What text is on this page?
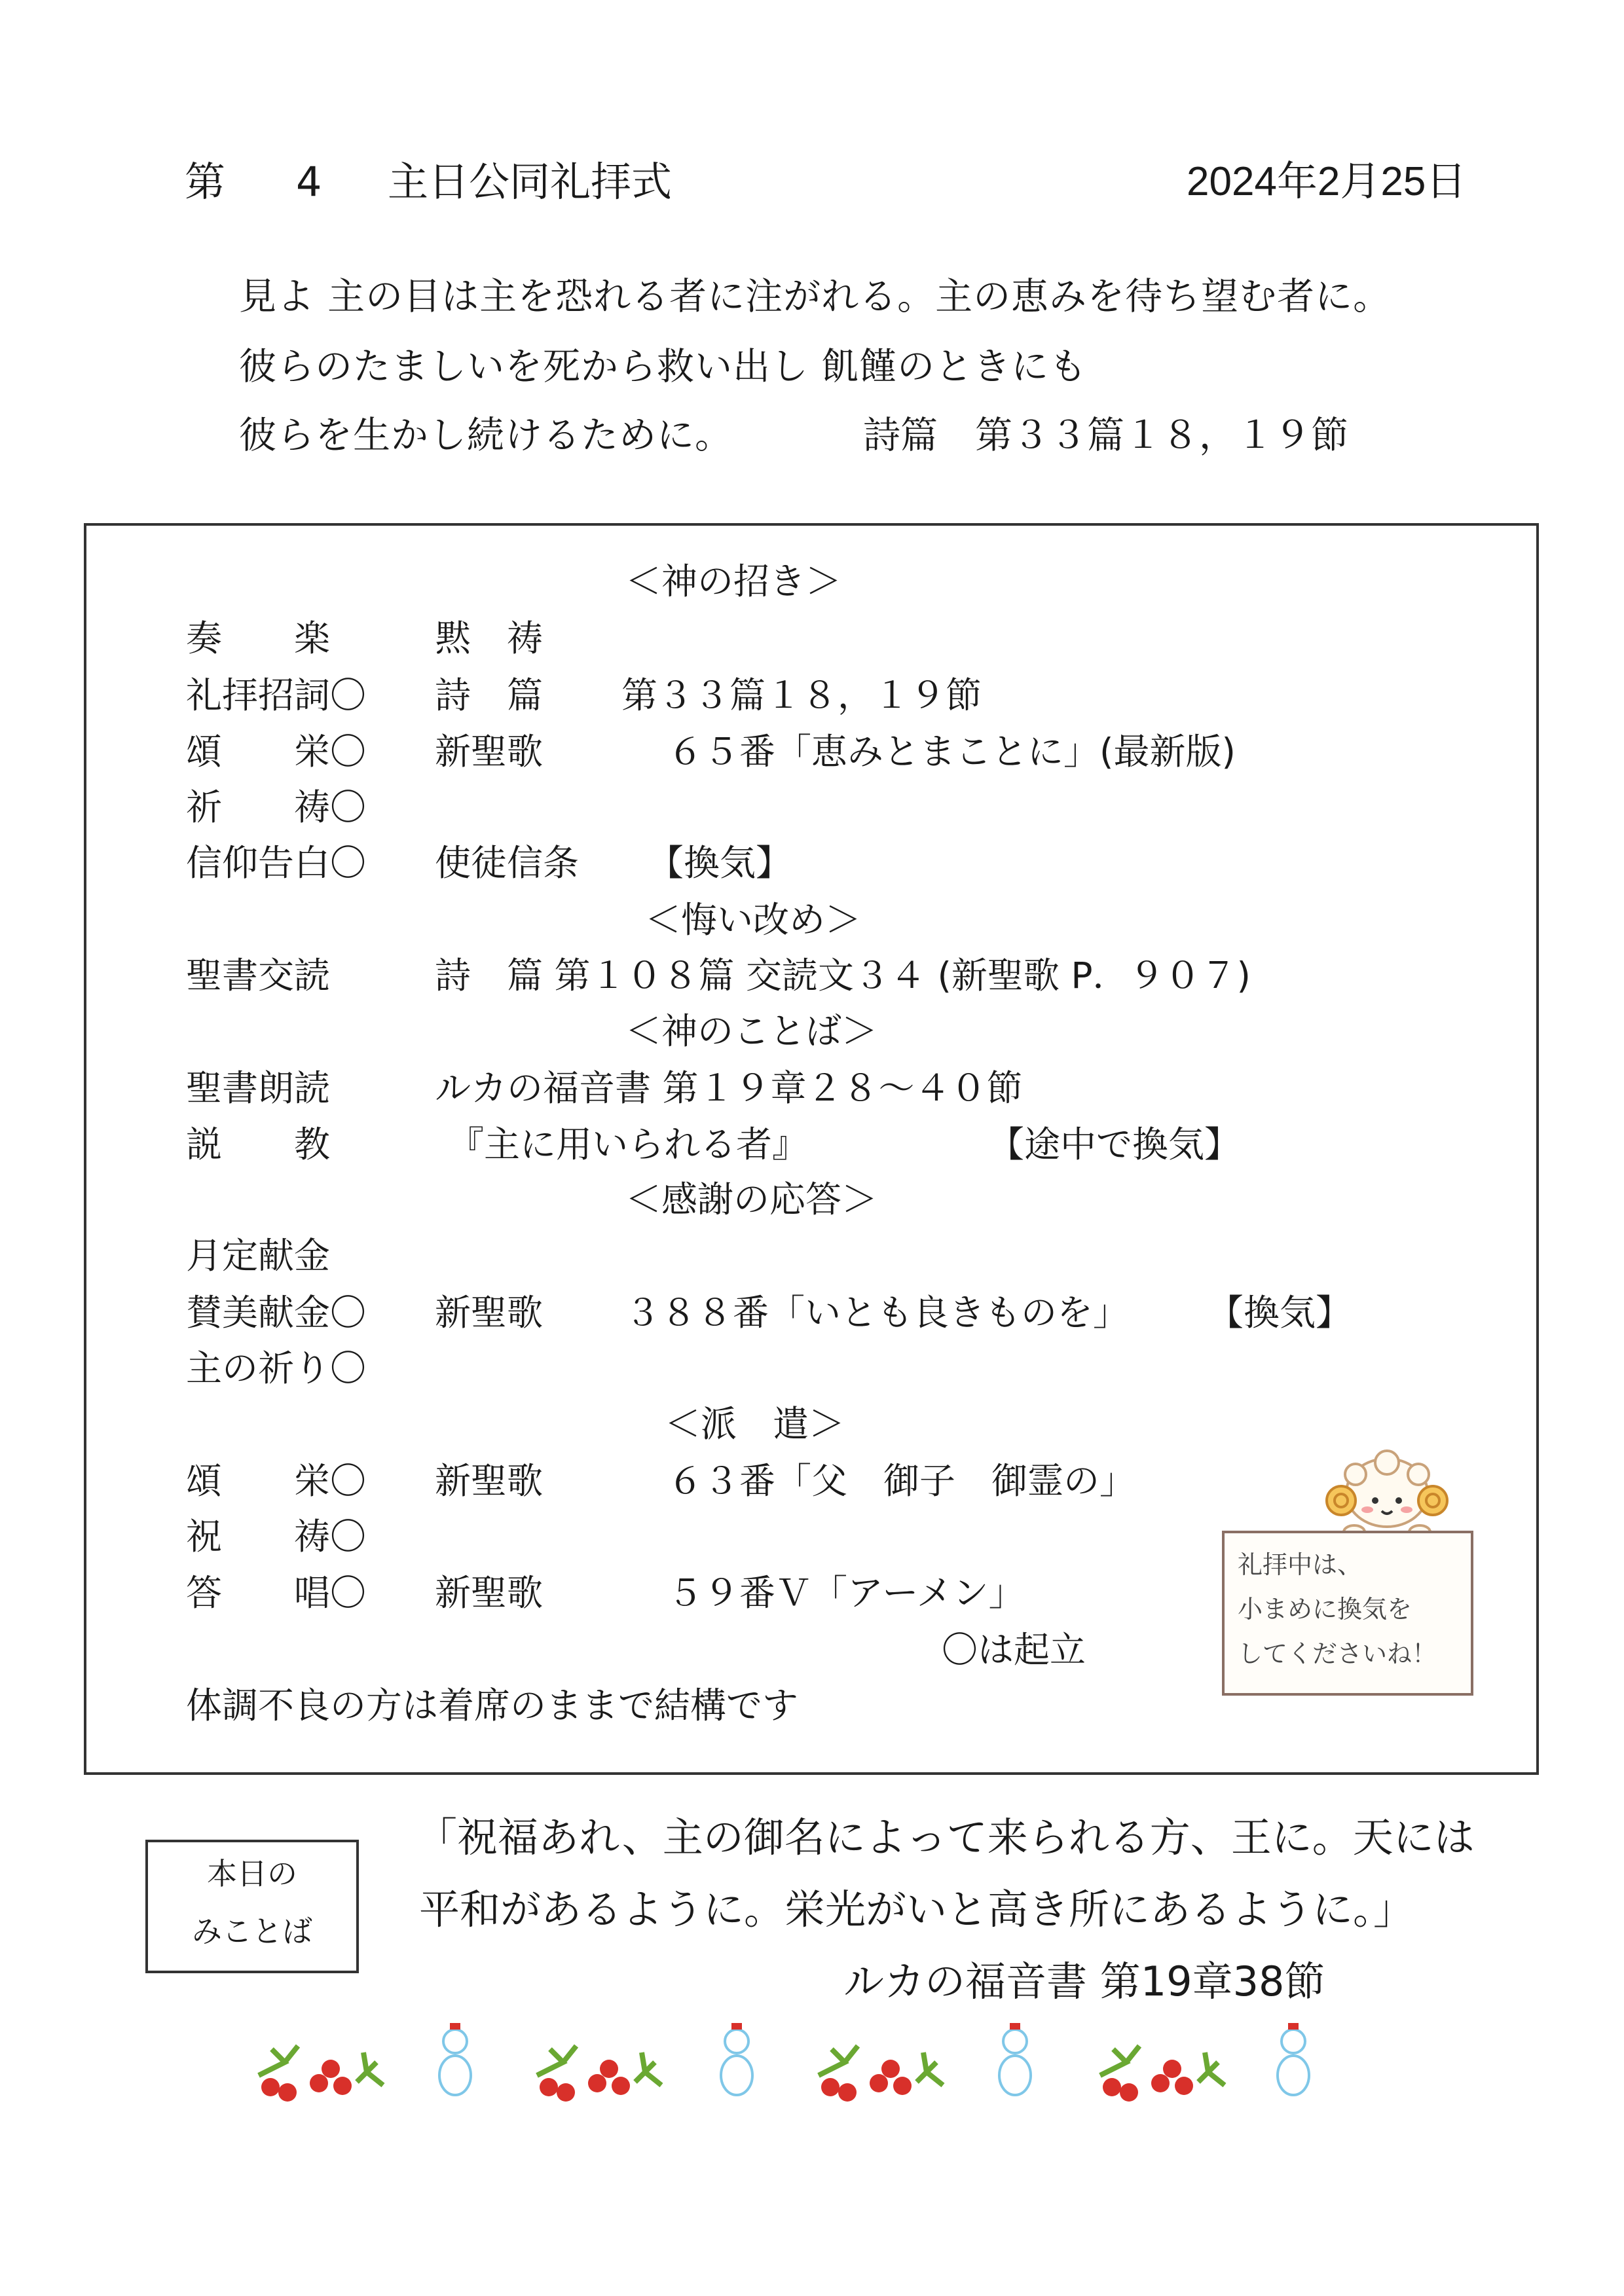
第 4 主日公同礼拝式	2024年2月25日
見よ 主の目は主を恐れる者に注がれる。主の恵みを待ち望む者に。
彼らのたましいを死から救い出し 飢饉のときにも
彼らを生かし続けるために。	詩篇　第３３篇１８，１９節
＜神の招き＞
奏　　楽	黙　祷
礼拝招詞〇 詩　篇 第３３篇１８，１９節
頌　　栄〇 新聖歌	６５番「恵みとまことに」(最新版)
祈　　祷〇
信仰告白〇 使徒信条 【換気】
＜悔い改め＞
聖書交読	詩　篇 第１０８篇 交読文３４ (新聖歌 P．９０７)
＜神のことば＞
聖書朗読	ルカの福音書 第１９章２８～４０節
説　　教	『主に用いられる者』	【途中で換気】
＜感謝の応答＞
月定献金
賛美献金〇 新聖歌 ３８８番「いとも良きものを」 【換気】
主の祈り〇
＜派　遣＞
頌　　栄〇 新聖歌	６３番「父　御子　御霊の」
祝　　祷〇
答　　唱〇 新聖歌	５９番Ｖ「アーメン」
〇は起立
体調不良の方は着席のままで結構です
礼拝中は、
小まめに換気を
してくださいね！
本日の
みことば
「祝福あれ、主の御名によって来られる方、王に。天には
平和があるように。栄光がいと高き所にあるように。」
ルカの福音書 第19章38節
